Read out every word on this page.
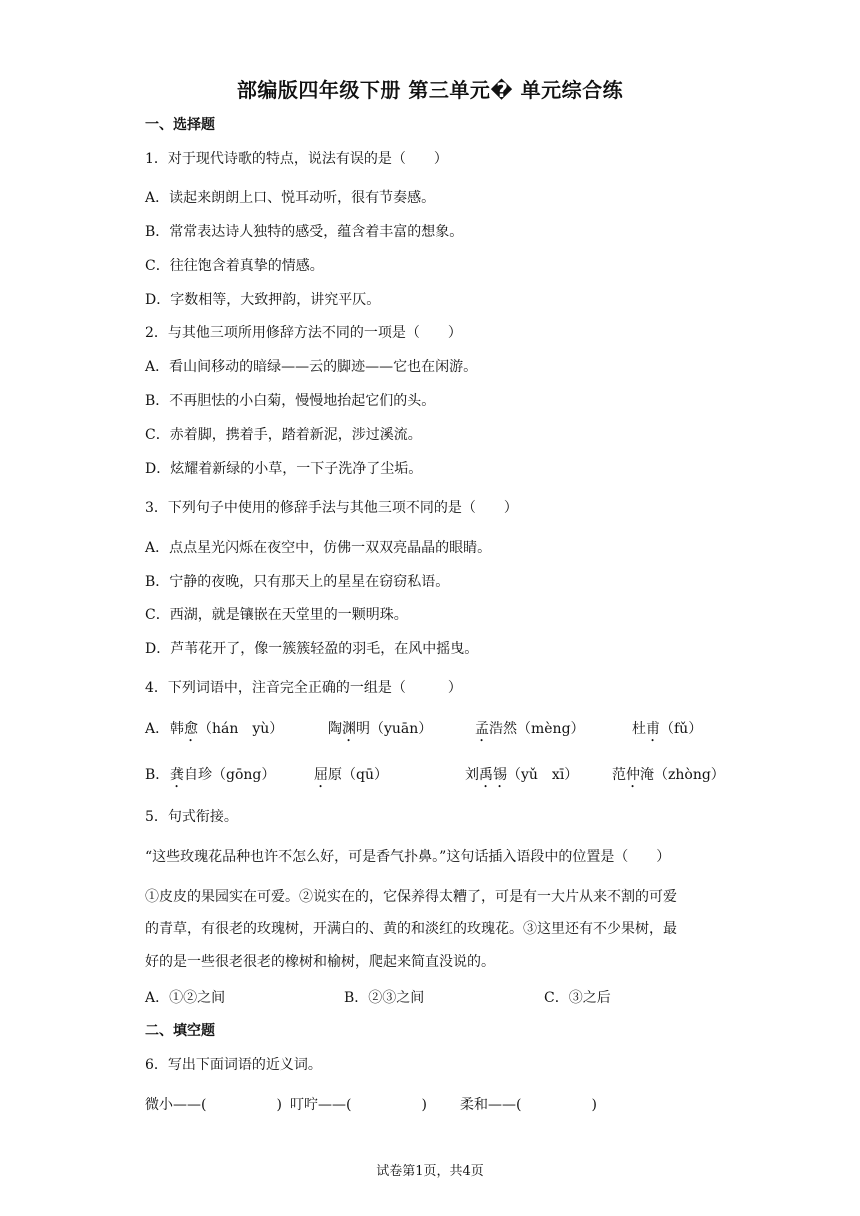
部编版四年级下册 第三单元� 单元综合练
一、选择题
1．对于现代诗歌的特点，说法有误的是（　　）
A．读起来朗朗上口、悦耳动听，很有节奏感。
B．常常表达诗人独特的感受，蕴含着丰富的想象。
C．往往饱含着真挚的情感。
D．字数相等，大致押韵，讲究平仄。
2．与其他三项所用修辞方法不同的一项是（　　）
A．看山间移动的暗绿——云的脚迹——它也在闲游。
B．不再胆怯的小白菊，慢慢地抬起它们的头。
C．赤着脚，携着手，踏着新泥，涉过溪流。
D．炫耀着新绿的小草，一下子洗净了尘垢。
3．下列句子中使用的修辞手法与其他三项不同的是（　　）
A．点点星光闪烁在夜空中，仿佛一双双亮晶晶的眼睛。
B．宁静的夜晚，只有那天上的星星在窃窃私语。
C．西湖，就是镶嵌在天堂里的一颗明珠。
D．芦苇花开了，像一簇簇轻盈的羽毛，在风中摇曳。
4．下列词语中，注音完全正确的一组是（　　　）
A． 韩愈（hán　yù）	陶渊明（yuān）	孟浩然（mèng）	杜甫（fǔ）
B． 龚自珍（gōng）	屈原（qū）	刘禹锡（yǔ　xī） 范仲淹（zhòng）
5．句式衔接。
“这些玫瑰花品种也许不怎么好，可是香气扑鼻。”这句话插入语段中的位置是（　　）
①皮皮的果园实在可爱。②说实在的，它保养得太糟了，可是有一大片从来不割的可爱
的青草，有很老的玫瑰树，开满白的、黄的和淡红的玫瑰花。③这里还有不少果树，最
好的是一些很老很老的橡树和榆树，爬起来简直没说的。
A．①②之间	B．②③之间	C．③之后
二、填空题
6．写出下面词语的近义词。
微小——(　　　　　) 叮咛——(　　　　　) 柔和——(　　　　　)
试卷第1页，共4页
